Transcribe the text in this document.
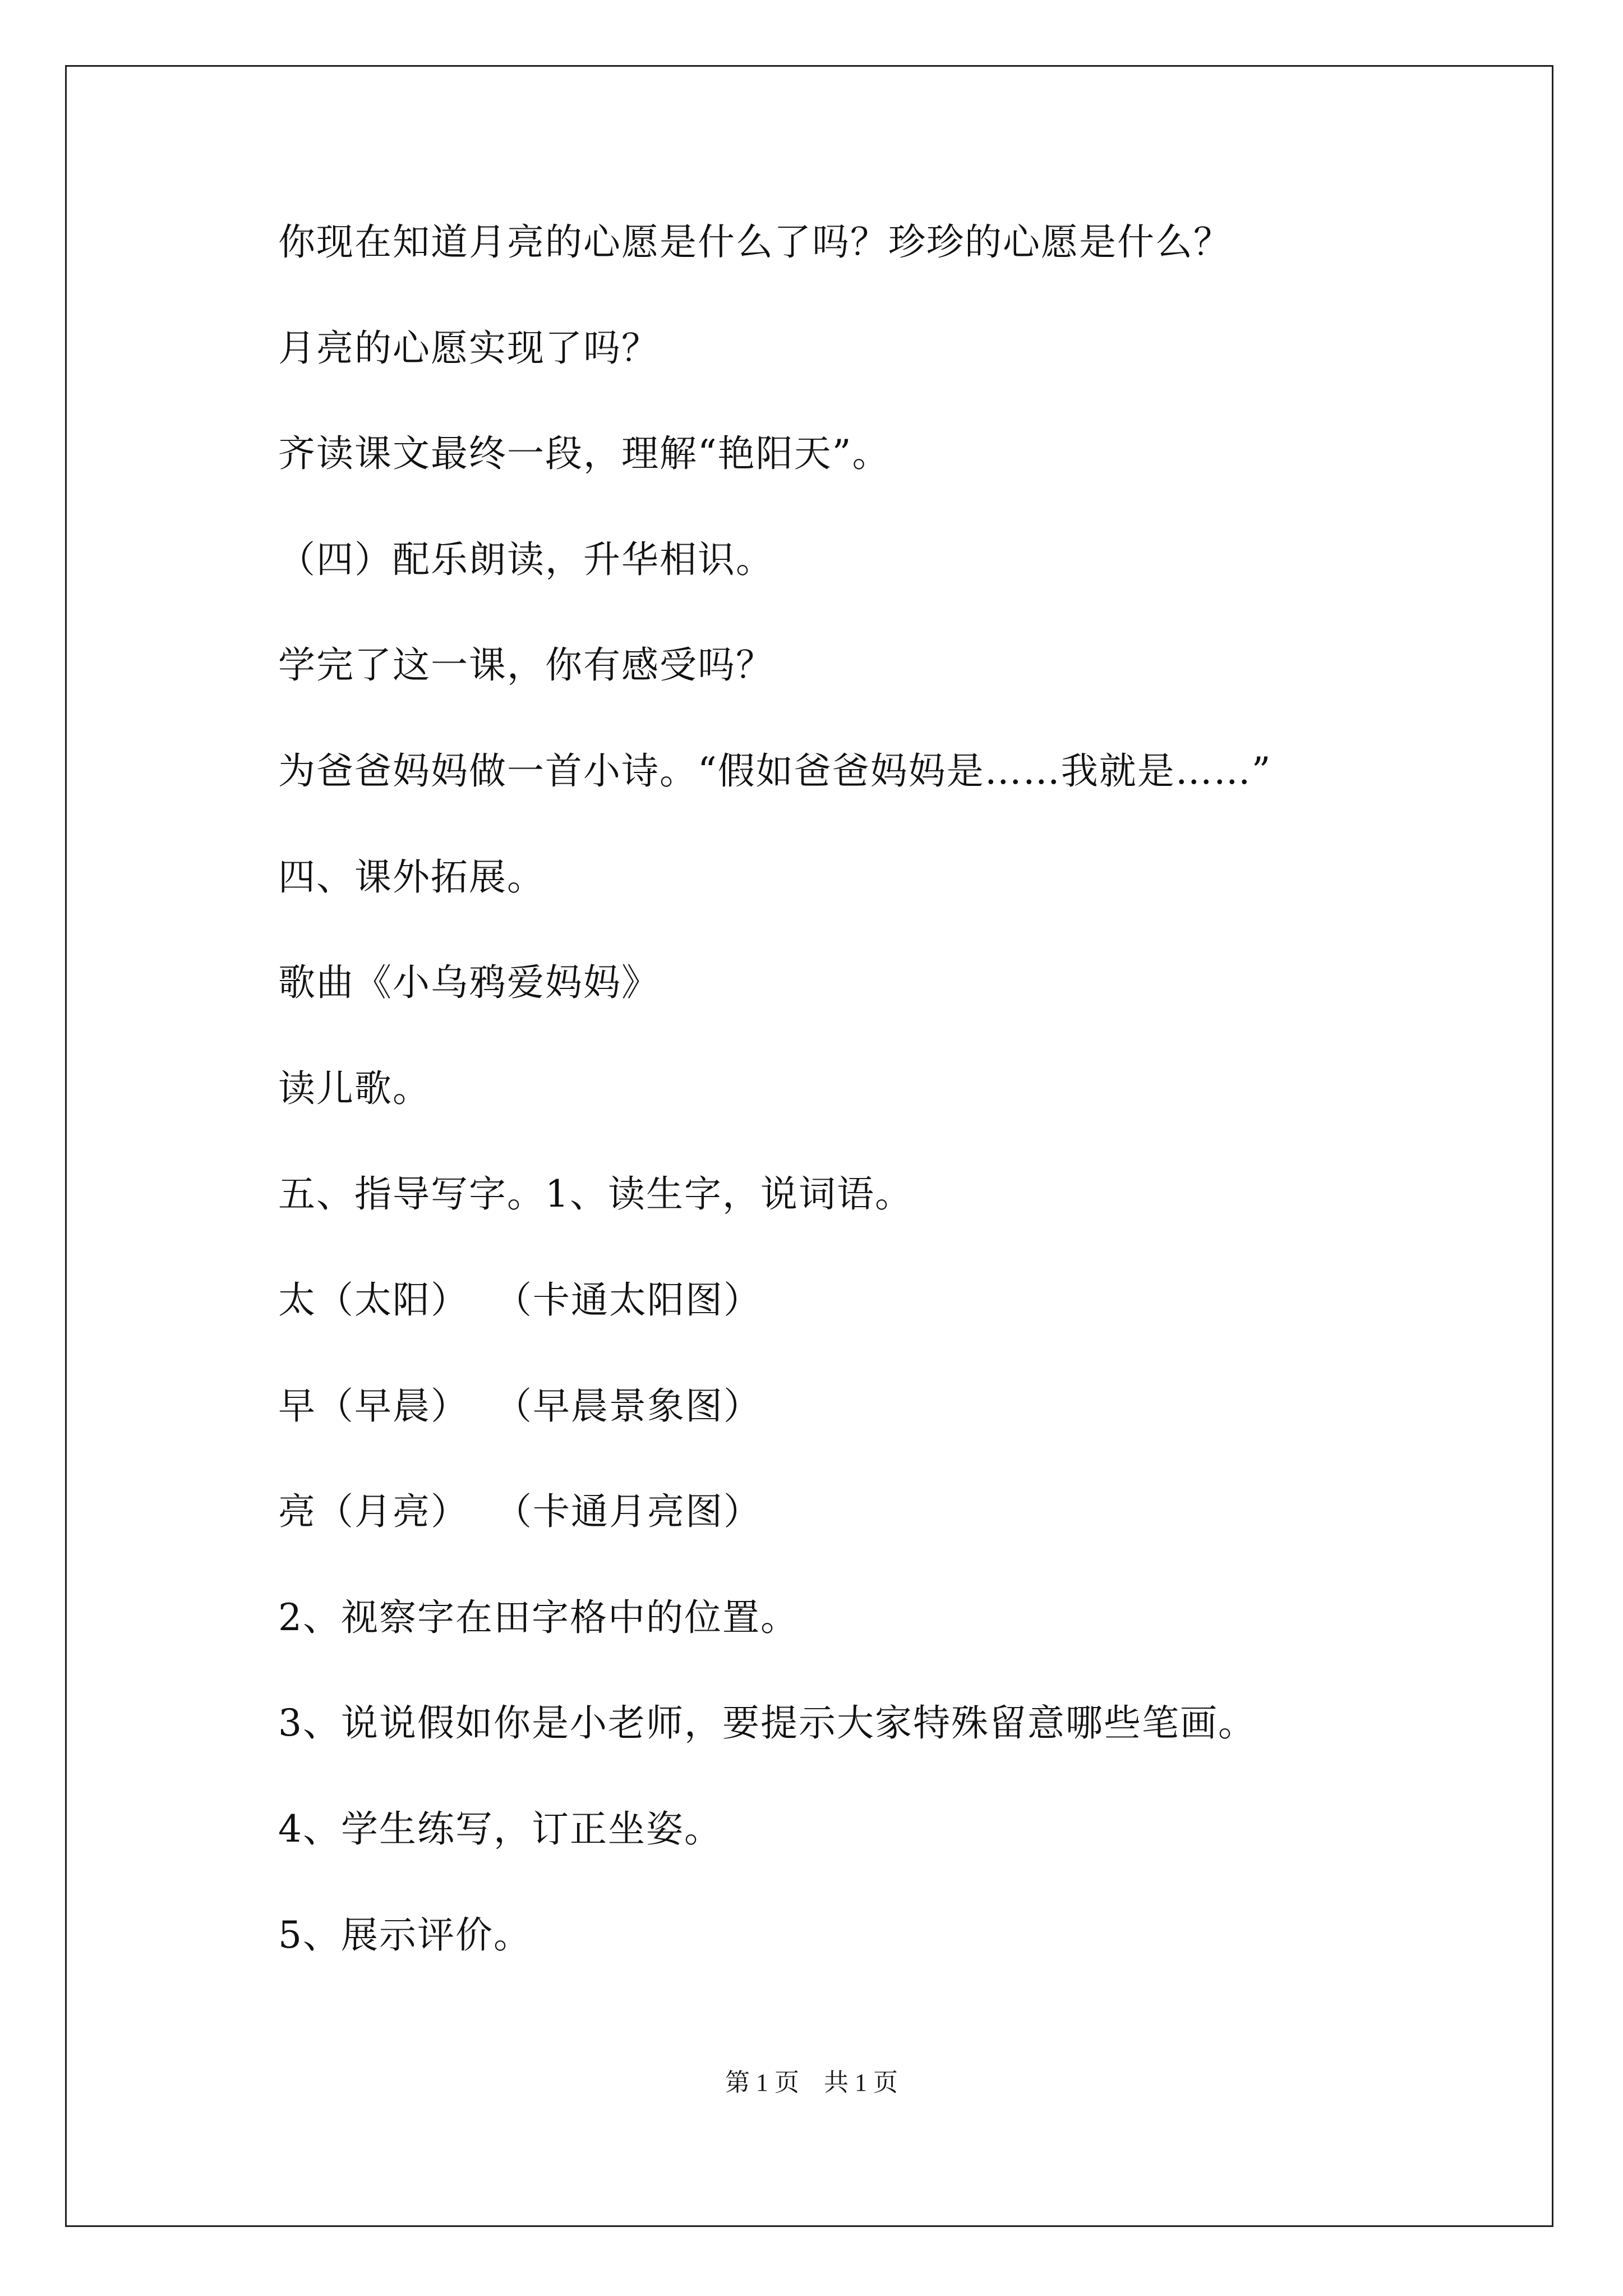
你现在知道月亮的心愿是什么了吗？珍珍的心愿是什么？
月亮的心愿实现了吗？
齐读课文最终一段，理解“艳阳天”。
（四）配乐朗读，升华相识。
学完了这一课，你有感受吗？
为爸爸妈妈做一首小诗。“假如爸爸妈妈是……我就是……”
四、课外拓展。
歌曲《小乌鸦爱妈妈》
读儿歌。
五、指导写字。1、读生字，说词语。
太（太阳）  （卡通太阳图）
早（早晨）  （早晨景象图）
亮（月亮）  （卡通月亮图）
2、视察字在田字格中的位置。
3、说说假如你是小老师，要提示大家特殊留意哪些笔画。
4、学生练写，订正坐姿。
5、展示评价。
第 1 页    共 1 页
